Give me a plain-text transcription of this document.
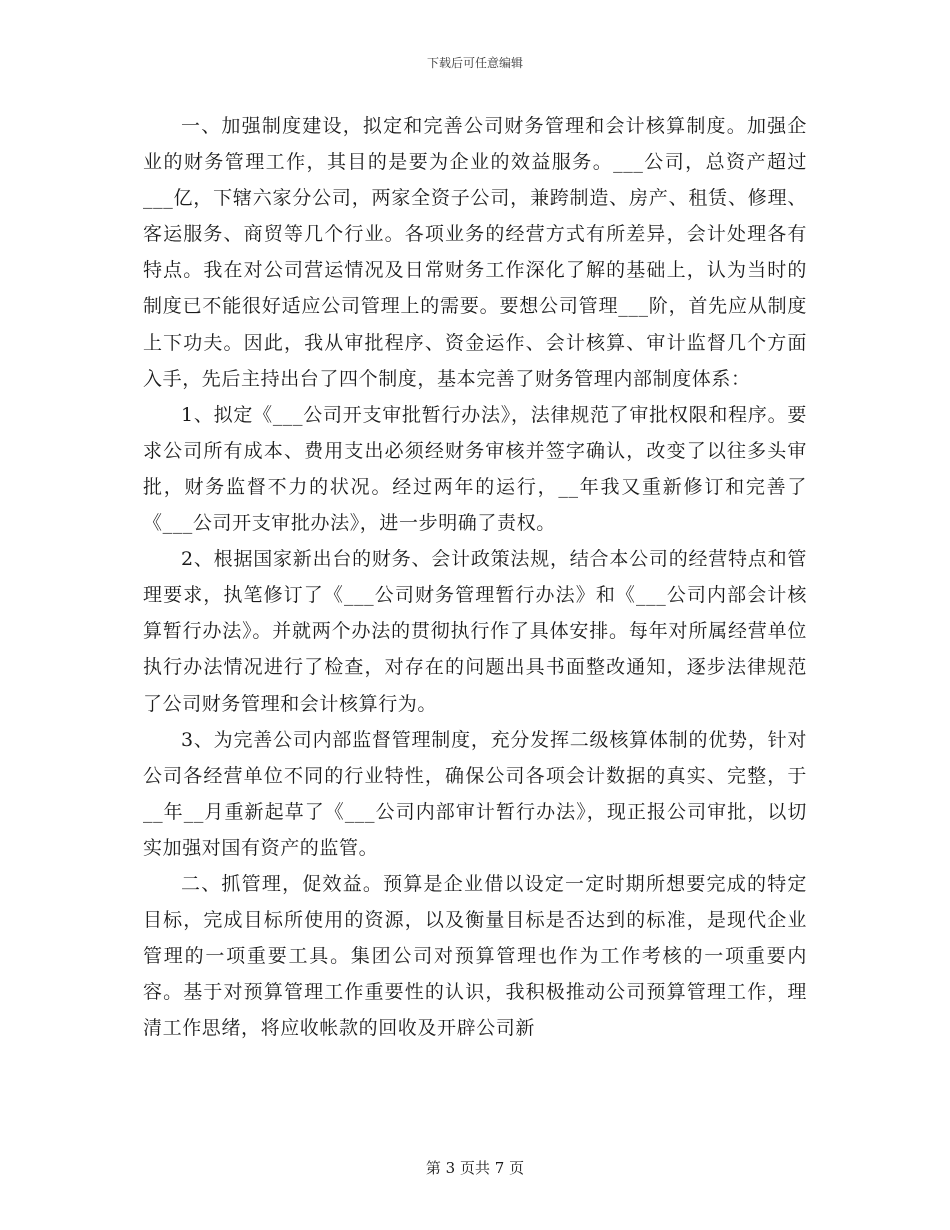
下载后可任意编辑

一、加强制度建设，拟定和完善公司财务管理和会计核算制度。加强企业的财务管理工作，其目的是要为企业的效益服务。___公司，总资产超过___亿，下辖六家分公司，两家全资子公司，兼跨制造、房产、租赁、修理、客运服务、商贸等几个行业。各项业务的经营方式有所差异，会计处理各有特点。我在对公司营运情况及日常财务工作深化了解的基础上，认为当时的制度已不能很好适应公司管理上的需要。要想公司管理___阶，首先应从制度上下功夫。因此，我从审批程序、资金运作、会计核算、审计监督几个方面入手，先后主持出台了四个制度，基本完善了财务管理内部制度体系：

1、拟定《___公司开支审批暂行办法》，法律规范了审批权限和程序。要求公司所有成本、费用支出必须经财务审核并签字确认，改变了以往多头审批，财务监督不力的状况。经过两年的运行，__年我又重新修订和完善了《___公司开支审批办法》，进一步明确了责权。

2、根据国家新出台的财务、会计政策法规，结合本公司的经营特点和管理要求，执笔修订了《___公司财务管理暂行办法》和《___公司内部会计核算暂行办法》。并就两个办法的贯彻执行作了具体安排。每年对所属经营单位执行办法情况进行了检查，对存在的问题出具书面整改通知，逐步法律规范了公司财务管理和会计核算行为。

3、为完善公司内部监督管理制度，充分发挥二级核算体制的优势，针对公司各经营单位不同的行业特性，确保公司各项会计数据的真实、完整，于__年__月重新起草了《___公司内部审计暂行办法》，现正报公司审批，以切实加强对国有资产的监管。

二、抓管理，促效益。预算是企业借以设定一定时期所想要完成的特定目标，完成目标所使用的资源，以及衡量目标是否达到的标准，是现代企业管理的一项重要工具。集团公司对预算管理也作为工作考核的一项重要内容。基于对预算管理工作重要性的认识，我积极推动公司预算管理工作，理清工作思绪，将应收帐款的回收及开辟公司新

第 3 页共 7 页
